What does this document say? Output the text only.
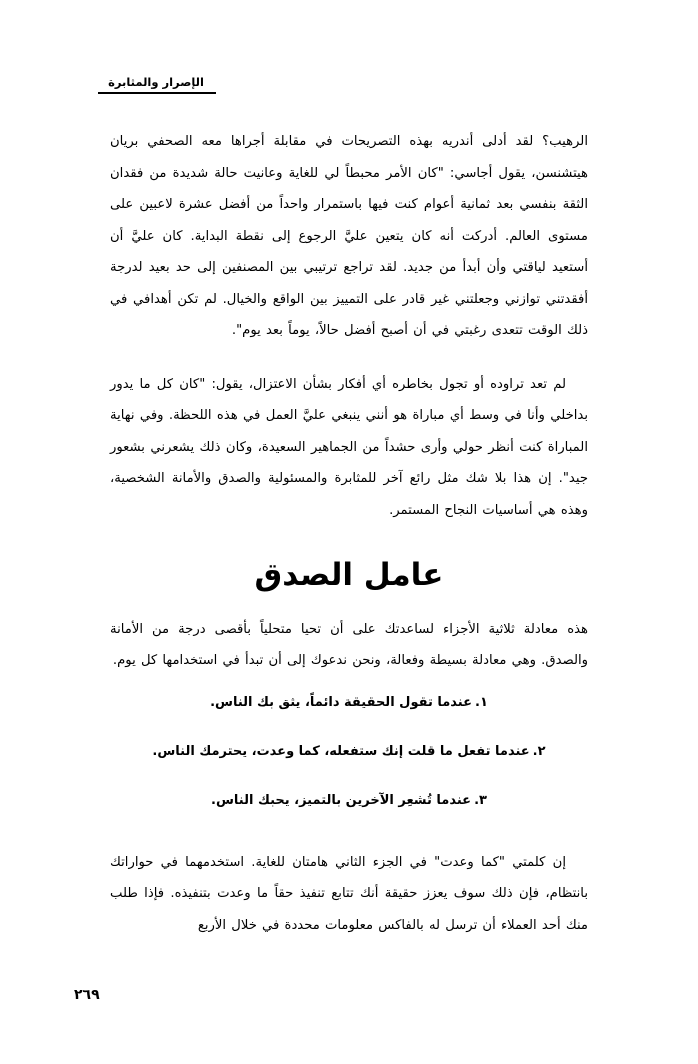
الإصرار والمثابرة

الرهيب؟ لقد أدلى أندريه بهذه التصريحات في مقابلة أجراها معه الصحفي بريان هيتشنسن، يقول أجاسي: "كان الأمر محبطاً لي للغاية وعانيت حالة شديدة من فقدان الثقة بنفسي بعد ثمانية أعوام كنت فيها باستمرار واحداً من أفضل عشرة لاعبين على مستوى العالم. أدركت أنه كان يتعين عليَّ الرجوع إلى نقطة البداية. كان عليَّ أن أستعيد لياقتي وأن أبدأ من جديد. لقد تراجع ترتيبي بين المصنفين إلى حد بعيد لدرجة أفقدتني توازني وجعلتني غير قادر على التمييز بين الواقع والخيال. لم تكن أهدافي في ذلك الوقت تتعدى رغبتي في أن أصبح أفضل حالاً، يوماً بعد يوم".

لم تعد تراوده أو تجول بخاطره أي أفكار بشأن الاعتزال، يقول: "كان كل ما يدور بداخلي وأنا في وسط أي مباراة هو أنني ينبغي عليَّ العمل في هذه اللحظة. وفي نهاية المباراة كنت أنظر حولي وأرى حشداً من الجماهير السعيدة، وكان ذلك يشعرني بشعور جيد". إن هذا بلا شك مثل رائع آخر للمثابرة والمسئولية والصدق والأمانة الشخصية، وهذه هي أساسيات النجاح المستمر.

عامل الصدق

هذه معادلة ثلاثية الأجزاء لساعدتك على أن تحيا متحلياً بأقصى درجة من الأمانة والصدق. وهي معادلة بسيطة وفعالة، ونحن ندعوك إلى أن تبدأ في استخدامها كل يوم.

١.عندما تقول الحقيقة دائماً، يثق بك الناس.
٢.عندما تفعل ما قلت إنك ستفعله، كما وعدت، يحترمك الناس.
٣.عندما تُشعِر الآخرين بالتميز، يحبك الناس.

إن كلمتي "كما وعدت" في الجزء الثاني هامتان للغاية. استخدمهما في حواراتك بانتظام، فإن ذلك سوف يعزز حقيقة أنك تتابع تنفيذ حقاً ما وعدت بتنفيذه. فإذا طلب منك أحد العملاء أن ترسل له بالفاكس معلومات محددة في خلال الأربع

٢٦٩
